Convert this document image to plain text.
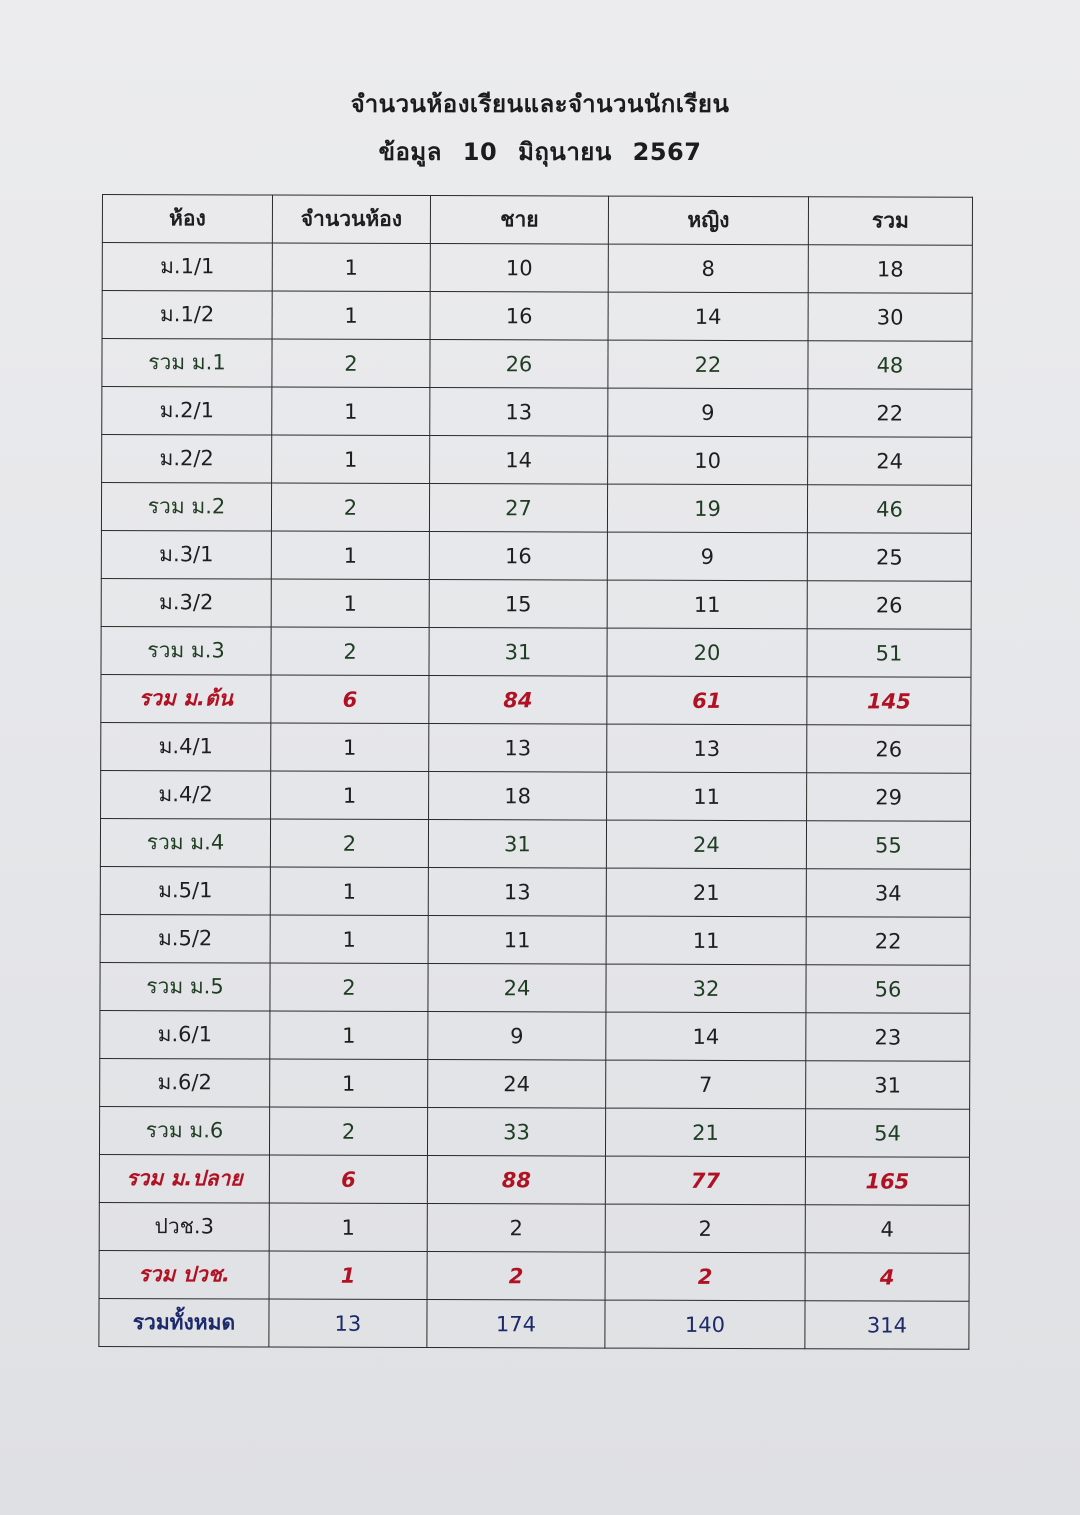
จำนวนห้องเรียนและจำนวนนักเรียน
ข้อมูล 10 มิถุนายน 2567
ห้อง	จำนวนห้อง	ชาย	หญิง	รวม
ม.1/1	1	10	8	18
ม.1/2	1	16	14	30
รวม ม.1	2	26	22	48
ม.2/1	1	13	9	22
ม.2/2	1	14	10	24
รวม ม.2	2	27	19	46
ม.3/1	1	16	9	25
ม.3/2	1	15	11	26
รวม ม.3	2	31	20	51
รวม ม.ต้น	6	84	61	145
ม.4/1	1	13	13	26
ม.4/2	1	18	11	29
รวม ม.4	2	31	24	55
ม.5/1	1	13	21	34
ม.5/2	1	11	11	22
รวม ม.5	2	24	32	56
ม.6/1	1	9	14	23
ม.6/2	1	24	7	31
รวม ม.6	2	33	21	54
รวม ม.ปลาย	6	88	77	165
ปวช.3	1	2	2	4
รวม ปวช.	1	2	2	4
รวมทั้งหมด	13	174	140	314
